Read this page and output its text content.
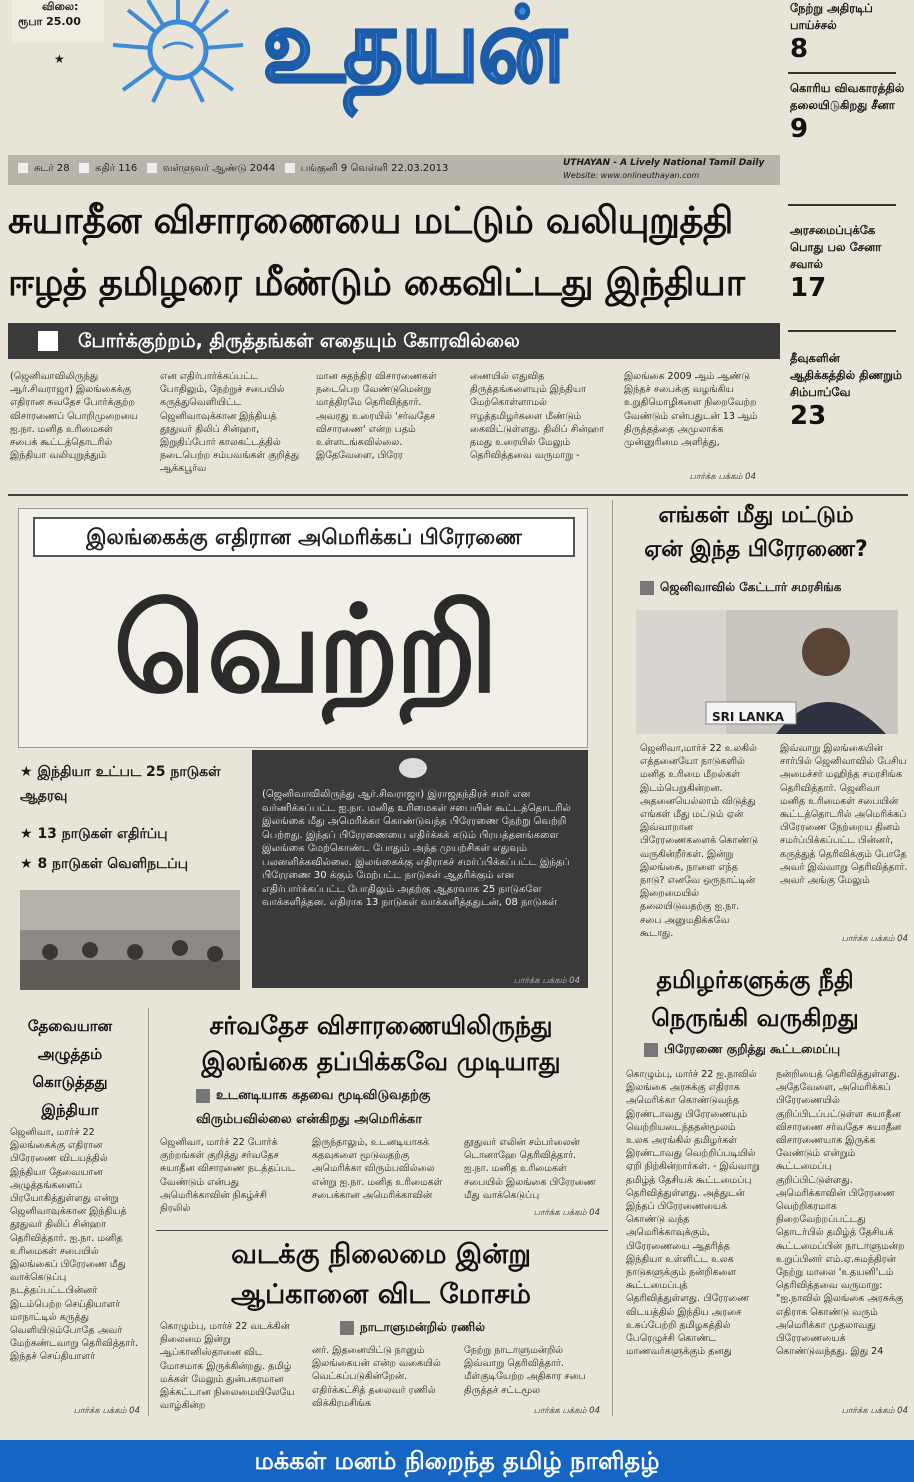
விலை:
ரூபா 25.00
★ உதயன்
சுடர் 28	கதிர் 116	வள்ளுவர் ஆண்டு 2044	பங்குனி 9 வெள்ளி 22.03.2013	UTHAYAN - A Lively National Tamil Daily
Website: www.onlineuthayan.com
நேற்று அதிரடிப் பாய்ச்சல்
8
கொரிய விவகாரத்தில் தலையிடுகிறது சீனா
9
அரசமைப்புக்கே பொது பல சேனா சவால்
17
தீவுகளின் ஆதிக்கத்தில் திணறும் சிம்பாப்வே
23
சுயாதீன விசாரணையை மட்டும் வலியுறுத்தி
ஈழத் தமிழரை மீண்டும் கைவிட்டது இந்தியா
போர்க்குற்றம், திருத்தங்கள் எதையும் கோரவில்லை
(ஜெனிவாவிலிருந்து ஆர்.சிவராஜா) இலங்கைக்கு எதிரான சுவதேச போர்க்குற்ற விசாரணைப் பொறிமுறையை ஐ.நா. மனித உரிமைகள் சபைக் கூட்டத்தொடரில் இந்தியா வலியுறுத்தும்
என எதிர்பார்க்கப்பட்ட போதிலும், நேற்றுச் சபையில் கருத்துவெளியிட்ட ஜெனிவாவுக்கான இந்தியத் தூதுவர் திலிப் சின்ஹா, இறுதிப்போர் காலகட்டத்தில் நடைபெற்ற சம்பவங்கள் குறித்து ஆக்கபூர்வ
மான சுதந்திர விசாரணைகள் நடைபெற வேண்டுமென்று மாத்திரமே தெரிவித்தார். அவரது உரையில் 'சர்வதேச விசாரணை' என்ற பதம் உள்ளடங்கவில்லை. இதேவேளை, பிரேர
ணையில் எதுவித திருத்தங்களையும் இந்தியா மேற்கொள்ளாமல் ஈழத்தமிழர்களை மீண்டும் கைவிட்டுள்ளது. திலிப் சின்ஹா தமது உரையில் மேலும் தெரிவித்தவை வருமாறு -
இலங்கை 2009 ஆம் ஆண்டு இந்தச் சபைக்கு வழங்கிய உறுதிமொழிகளை நிறைவேற்ற வேண்டும் என்பதுடன் 13 ஆம் திருத்தத்தை அமுலாக்க முன்னுரிமை அளித்து,
பார்க்க பக்கம் 04
இலங்கைக்கு எதிரான அமெரிக்கப் பிரேரணை
வெற்றி
★ இந்தியா உட்பட 25 நாடுகள் ஆதரவு
★ 13 நாடுகள் எதிர்ப்பு
★ 8 நாடுகள் வெளிநடப்பு
(ஜெனிவாவிலிருந்து ஆர்.சிவராஜா) இராஜதந்திரச் சமர் என வர்ணிக்கப்பட்ட ஐ.நா. மனித உரிமைகள் சபையின் கூட்டத்தொடரில் இலங்கை மீது அமெரிக்கா கொண்டுவந்த பிரேரணை நேற்று வெற்றி பெற்றது. இந்தப் பிரேரணையை எதிர்க்கக் கடும் பிரயத்தனங்களை இலங்கை மேற்கொண்ட போதும் அந்த முயற்சிகள் எதுவும் பலனளிக்கவில்லை. இலங்கைக்கு எதிராகச் சமர்ப்பிக்கப்பட்ட இந்தப் பிரேரணை 30 க்கும் மேற்பட்ட நாடுகள் ஆதரிக்கும் என எதிர்பார்க்கப்பட்ட போதிலும் அதற்கு ஆதரவாக 25 நாடுகளே வாக்களித்தன. எதிராக 13 நாடுகள் வாக்களித்ததுடன், 08 நாடுகள்
பார்க்க பக்கம் 04
எங்கள் மீது மட்டும்
ஏன் இந்த பிரேரணை?
ஜெனிவாவில் கேட்டார் சமரசிங்க
SRI LANKA
ஜெனிவா,மார்ச் 22 உலகில் எத்தனையோ நாடுகளில் மனித உரிமை மீறல்கள் இடம்பெறுகின்றன. அதனையெல்லாம் விடுத்து எங்கள் மீது மட்டும் ஏன் இவ்வாறான பிரேரணைகளைக் கொண்டு வருகின்றீர்கள். இன்று இலங்கை, நாளை எந்த நாடு? எனவே ஒருநாட்டின் இறைமையில் தலையிடுவதற்கு ஐ.நா. சபை அனுமதிக்கவே கூடாது.
இவ்வாறு இலங்கையின் சார்பில் ஜெனிவாவில் பேசிய அமைச்சர் மஹிந்த சமரசிங்க தெரிவித்தார். ஜெனிவா மனித உரிமைகள் சபையின் கூட்டத்தொடரில் அமெரிக்கப் பிரேரணை நேற்றைய தினம் சமர்ப்பிக்கப்பட்ட பின்னர், கருத்துத் தெரிவிக்கும் போதே அவர் இவ்வாறு தெரிவித்தார். அவர் அங்கு மேலும்
பார்க்க பக்கம் 04
தமிழர்களுக்கு நீதி
நெருங்கி வருகிறது
பிரேரணை குறித்து கூட்டமைப்பு
கொழும்பு, மார்ச் 22 ஐ.நாவில் இலங்கை அரசுக்கு எதிராக அமெரிக்கா கொண்டுவந்த இரண்டாவது பிரேரணையும் வெற்றியடைந்ததன்மூலம் உலக அரங்கில் தமிழர்கள் இரண்டாவது வெற்றிப்படியில் ஏறி நிற்கின்றார்கள். - இவ்வாறு தமிழ்த் தேசியக் கூட்டமைப்பு தெரிவித்துள்ளது. அத்துடன் இந்தப் பிரேரணையைக் கொண்டு வந்த அமெரிக்காவுக்கும், பிரேரணையை ஆதரித்த இந்தியா உள்ளிட்ட உலக நாடுகளுக்கும் நன்றிகளை கூட்டமைப்புத் தெரிவித்துள்ளது. பிரேரணை விடயத்தில் இந்திய அரசை உசுப்பேற்றி தமிழகத்தில் பேரெழுச்சி கொண்ட மாணவர்களுக்கும் தனது
நன்றியைத் தெரிவித்துள்ளது. அதேவேளை, அமெரிக்கப் பிரேரணையில் குறிப்பிடப்பட்டுள்ள சுயாதீன விசாரணை சர்வதேச சுயாதீன விசாரணையாக இருக்க வேண்டும் என்றும் கூட்டமைப்பு குறிப்பிட்டுள்ளது. அமெரிக்காவின் பிரேரணை வெற்றிகரமாக நிறைவேற்றப்பட்டது தொடர்பில் தமிழ்த் தேசியக் கூட்டமைப்பின் நாடாளுமன்ற உறுப்பினர் எம்.ஏ.சுமந்திரன் நேற்று மாலை 'உதயனி'டம் தெரிவித்தவை வருமாறு: "ஐ.நாவில் இலங்கை அரசுக்கு எதிராக கொண்டு வரும் அமெரிக்கா முதலாவது பிரேரணையைக் கொண்டுவந்தது. இது 24
பார்க்க பக்கம் 04
தேவையான அழுத்தம் கொடுத்தது இந்தியா
ஜெனிவா, மார்ச் 22 இலங்கைக்கு எதிரான பிரேரணை விடயத்தில் இந்தியா தேவையான அழுத்தங்களைப் பிரயோகித்துள்ளது என்று ஜெனிவாவுக்கான இந்தியத் தூதுவர் திலிப் சின்ஹா தெரிவித்தார். ஐ.நா. மனித உரிமைகள் சபையில் இலங்கைப் பிரேரணை மீது வாக்கெடுப்பு நடத்தப்பட்டபின்னர் இடம்பெற்ற செய்தியாளர் மாநாட்டில் கருத்து வெளியிடும்போதே அவர் மேற்கண்டவாறு தெரிவித்தார். இந்தச் செய்தியாளர்
பார்க்க பக்கம் 04
சர்வதேச விசாரணையிலிருந்து
இலங்கை தப்பிக்கவே முடியாது
உடனடியாக கதவை மூடிவிடுவதற்கு
விரும்பவில்லை என்கிறது அமெரிக்கா
ஜெனிவா, மார்ச் 22 போர்க் குற்றங்கள் குறித்து சர்வதேச சுயாதீன விசாரணை நடத்தப்பட வேண்டும் என்பது அமெரிக்காவின் நிகழ்ச்சி நிரலில்
இருந்தாலும், உடனடியாகக் கதவுகளை மூடுவதற்கு அமெரிக்கா விரும்பவில்லை என்று ஐ.நா. மனித உரிமைகள் சபைக்கான அமெரிக்காவின்
தூதுவர் எலின் சம்பர்லைன் டொனாஹே தெரிவித்தார். ஐ.நா. மனித உரிமைகள் சபையில் இலங்கை பிரேரணை மீது வாக்கெடுப்பு
பார்க்க பக்கம் 04
வடக்கு நிலைமை இன்று
ஆப்கானை விட மோசம்
நாடாளுமன்றில் ரணில்
கொழும்பு, மார்ச் 22 வடக்கின் நிலைமை இன்று ஆப்கானிஸ்தானை விட மோசமாக இருக்கின்றது. தமிழ் மக்கள் மேலும் துன்பகரமான இக்கட்டான நிலைமையிலேயே வாழ்கின்ற
னர். இதனையிட்டு நானும் இலங்கையன் என்ற வகையில் வெட்கப்படுகின்றேன். எதிர்க்கட்சித் தலைவர் ரணில் விக்கிரமசிங்க
நேற்று நாடாளுமன்றில் இவ்வாறு தெரிவித்தார். மீள்குடியேற்ற அதிகார சபை திருத்தச் சட்டமூல
பார்க்க பக்கம் 04
மக்கள் மனம் நிறைந்த தமிழ் நாளிதழ்
